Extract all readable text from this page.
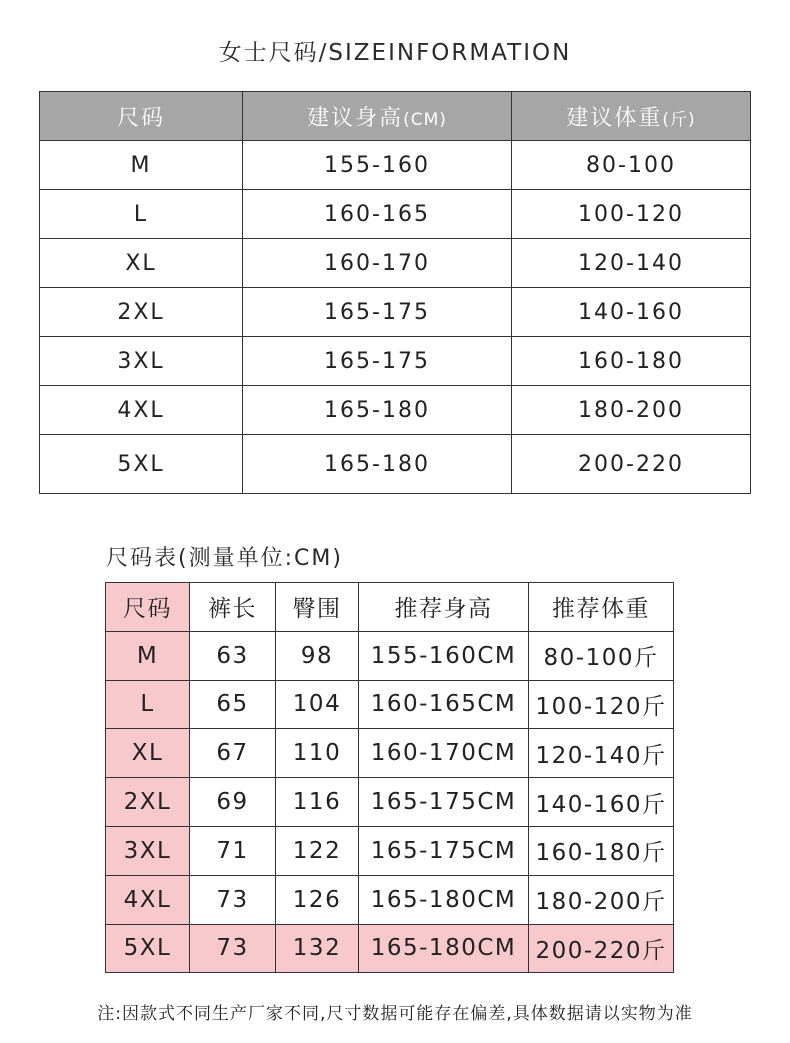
女士尺码/SIZEINFORMATION
尺码	建议身高(CM)	建议体重(斤)
M	155-160	80-100
L	160-165	100-120
XL	160-170	120-140
2XL	165-175	140-160
3XL	165-175	160-180
4XL	165-180	180-200
5XL	165-180	200-220
尺码表(测量单位:CM)
尺码	裤长	臀围	推荐身高	推荐体重
M	63	98	155-160CM	80-100斤
L	65	104	160-165CM	100-120斤
XL	67	110	160-170CM	120-140斤
2XL	69	116	165-175CM	140-160斤
3XL	71	122	165-175CM	160-180斤
4XL	73	126	165-180CM	180-200斤
5XL	73	132	165-180CM	200-220斤
注:因款式不同生产厂家不同,尺寸数据可能存在偏差,具体数据请以实物为准
